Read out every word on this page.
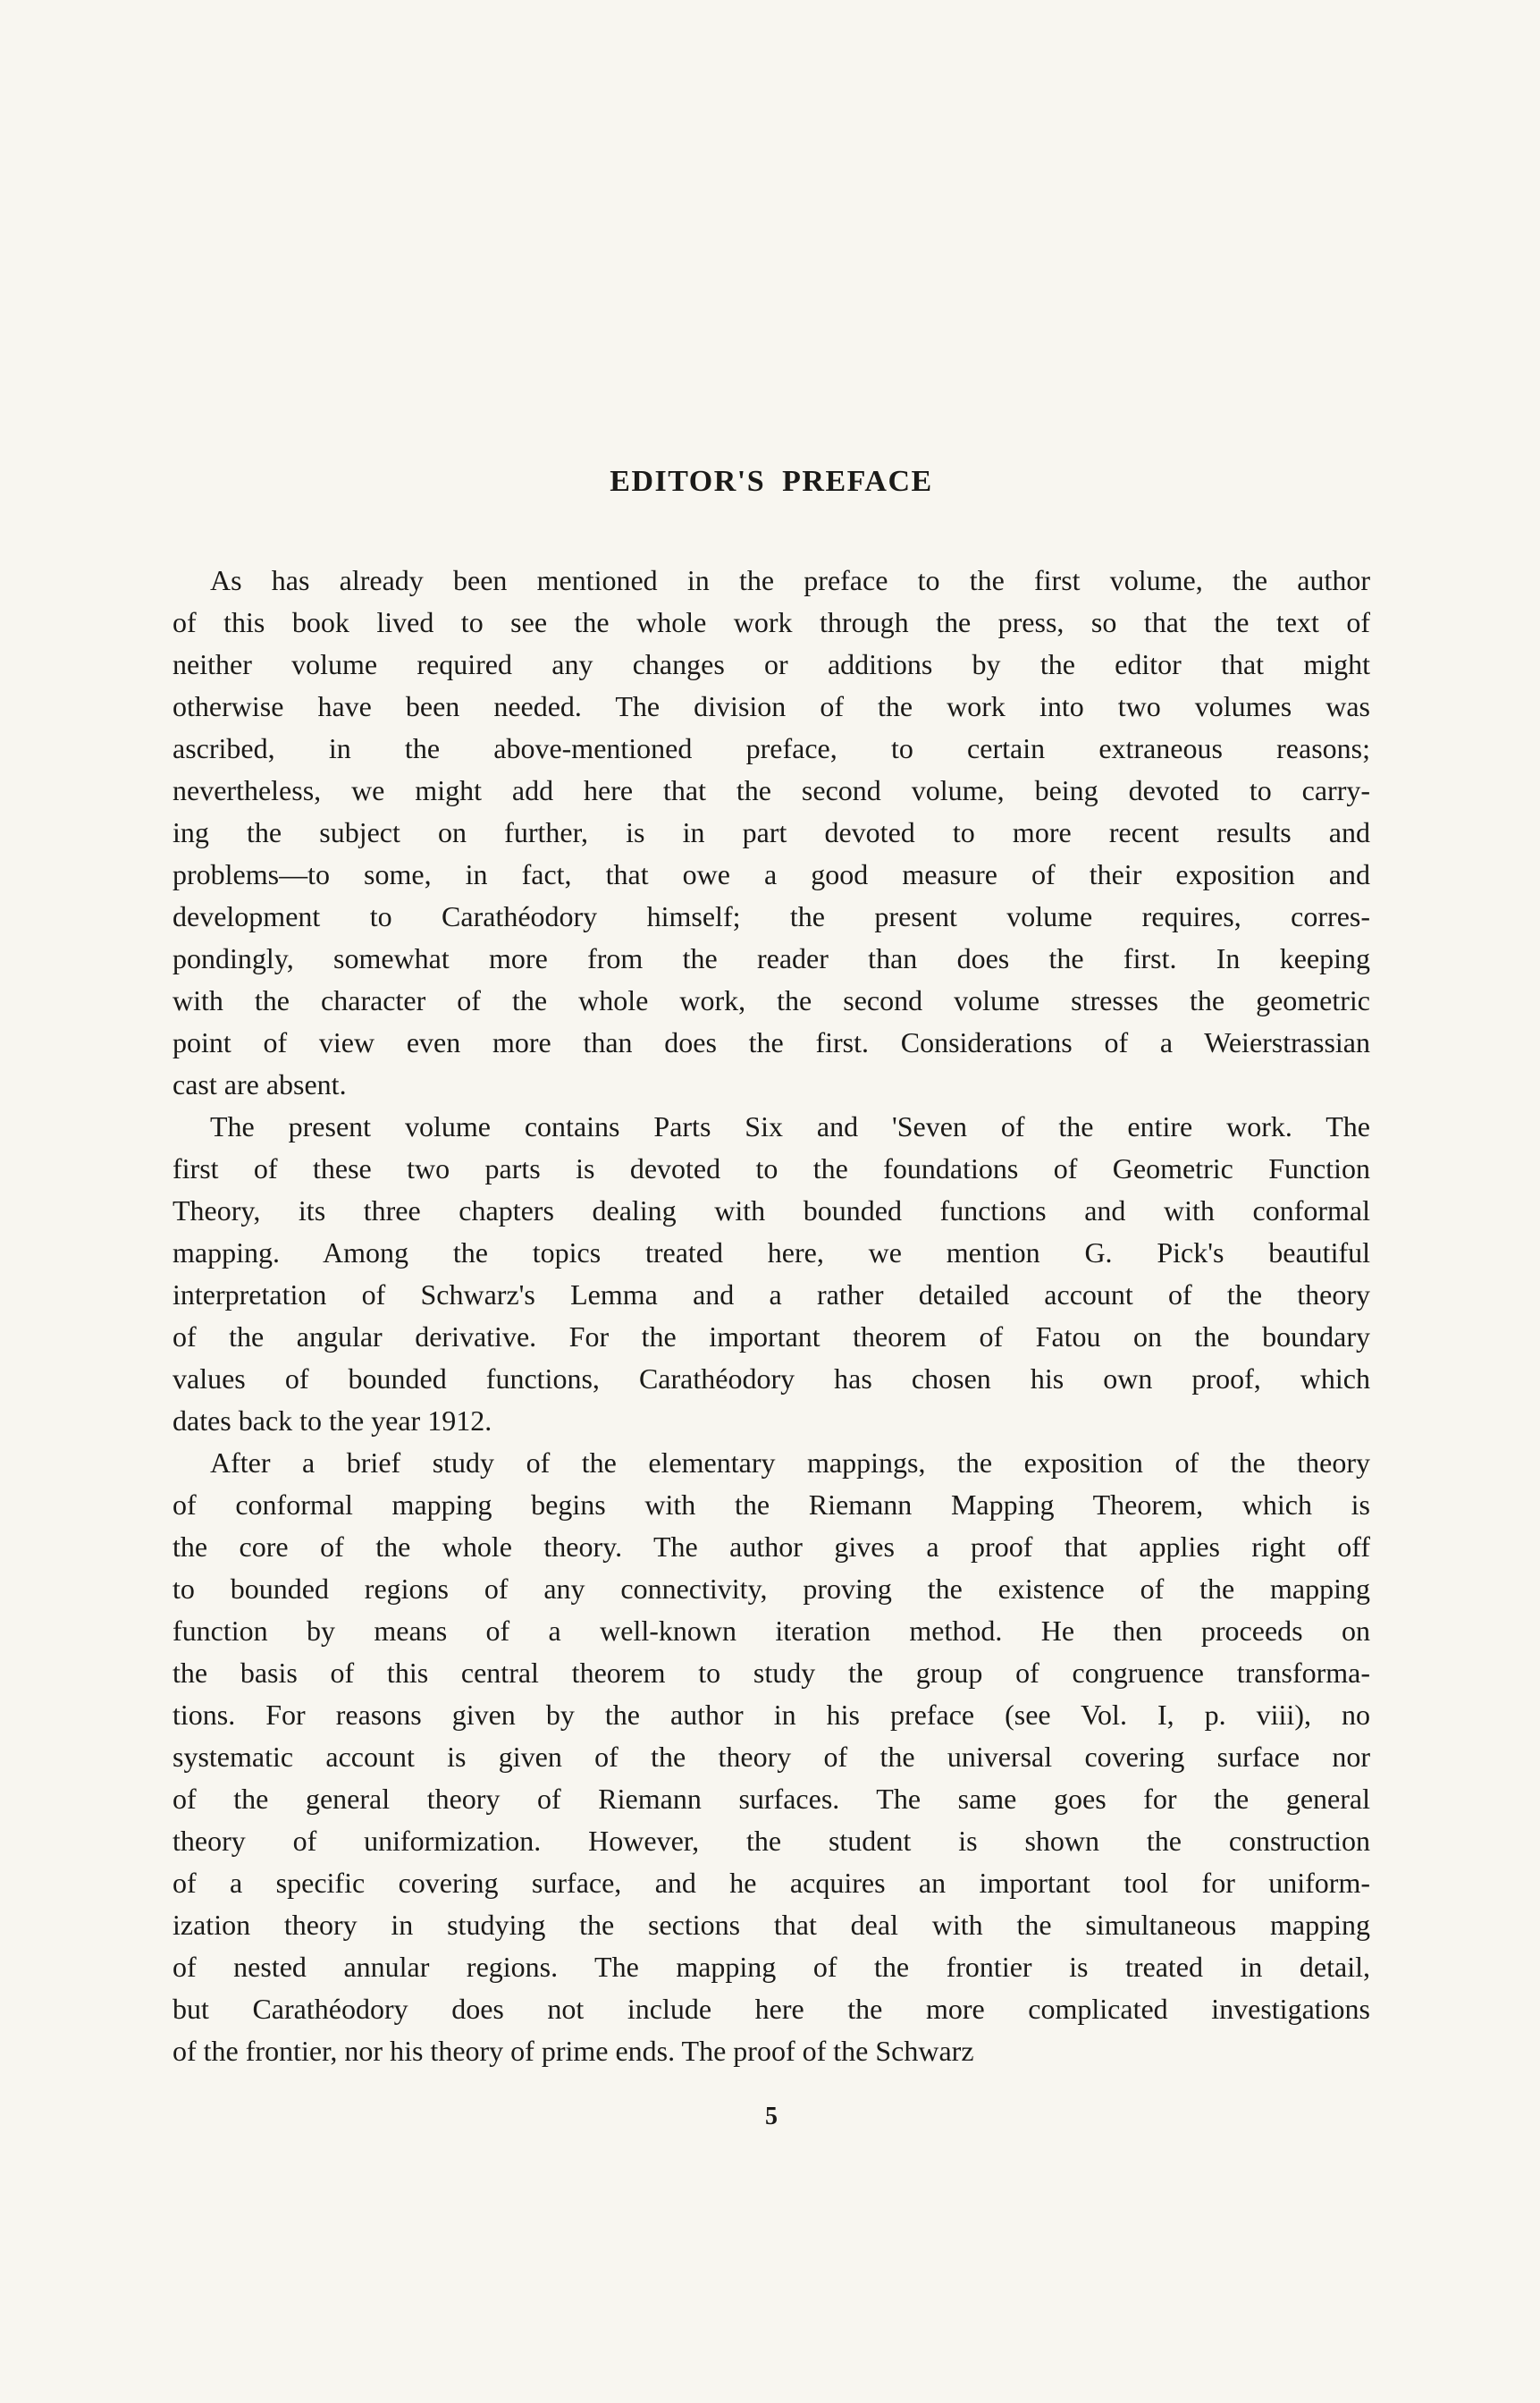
EDITOR'S PREFACE
As has already been mentioned in the preface to the first volume, the author
of this book lived to see the whole work through the press, so that the text of
neither volume required any changes or additions by the editor that might
otherwise have been needed. The division of the work into two volumes was
ascribed, in the above-mentioned preface, to certain extraneous reasons;
nevertheless, we might add here that the second volume, being devoted to carry-
ing the subject on further, is in part devoted to more recent results and
problems—to some, in fact, that owe a good measure of their exposition and
development to Carathéodory himself; the present volume requires, corres-
pondingly, somewhat more from the reader than does the first. In keeping
with the character of the whole work, the second volume stresses the geometric
point of view even more than does the first. Considerations of a Weierstrassian
cast are absent.
The present volume contains Parts Six and 'Seven of the entire work. The
first of these two parts is devoted to the foundations of Geometric Function
Theory, its three chapters dealing with bounded functions and with conformal
mapping. Among the topics treated here, we mention G. Pick's beautiful
interpretation of Schwarz's Lemma and a rather detailed account of the theory
of the angular derivative. For the important theorem of Fatou on the boundary
values of bounded functions, Carathéodory has chosen his own proof, which
dates back to the year 1912.
After a brief study of the elementary mappings, the exposition of the theory
of conformal mapping begins with the Riemann Mapping Theorem, which is
the core of the whole theory. The author gives a proof that applies right off
to bounded regions of any connectivity, proving the existence of the mapping
function by means of a well-known iteration method. He then proceeds on
the basis of this central theorem to study the group of congruence transforma-
tions. For reasons given by the author in his preface (see Vol. I, p. viii), no
systematic account is given of the theory of the universal covering surface nor
of the general theory of Riemann surfaces. The same goes for the general
theory of uniformization. However, the student is shown the construction
of a specific covering surface, and he acquires an important tool for uniform-
ization theory in studying the sections that deal with the simultaneous mapping
of nested annular regions. The mapping of the frontier is treated in detail,
but Carathéodory does not include here the more complicated investigations
of the frontier, nor his theory of prime ends. The proof of the Schwarz
5
